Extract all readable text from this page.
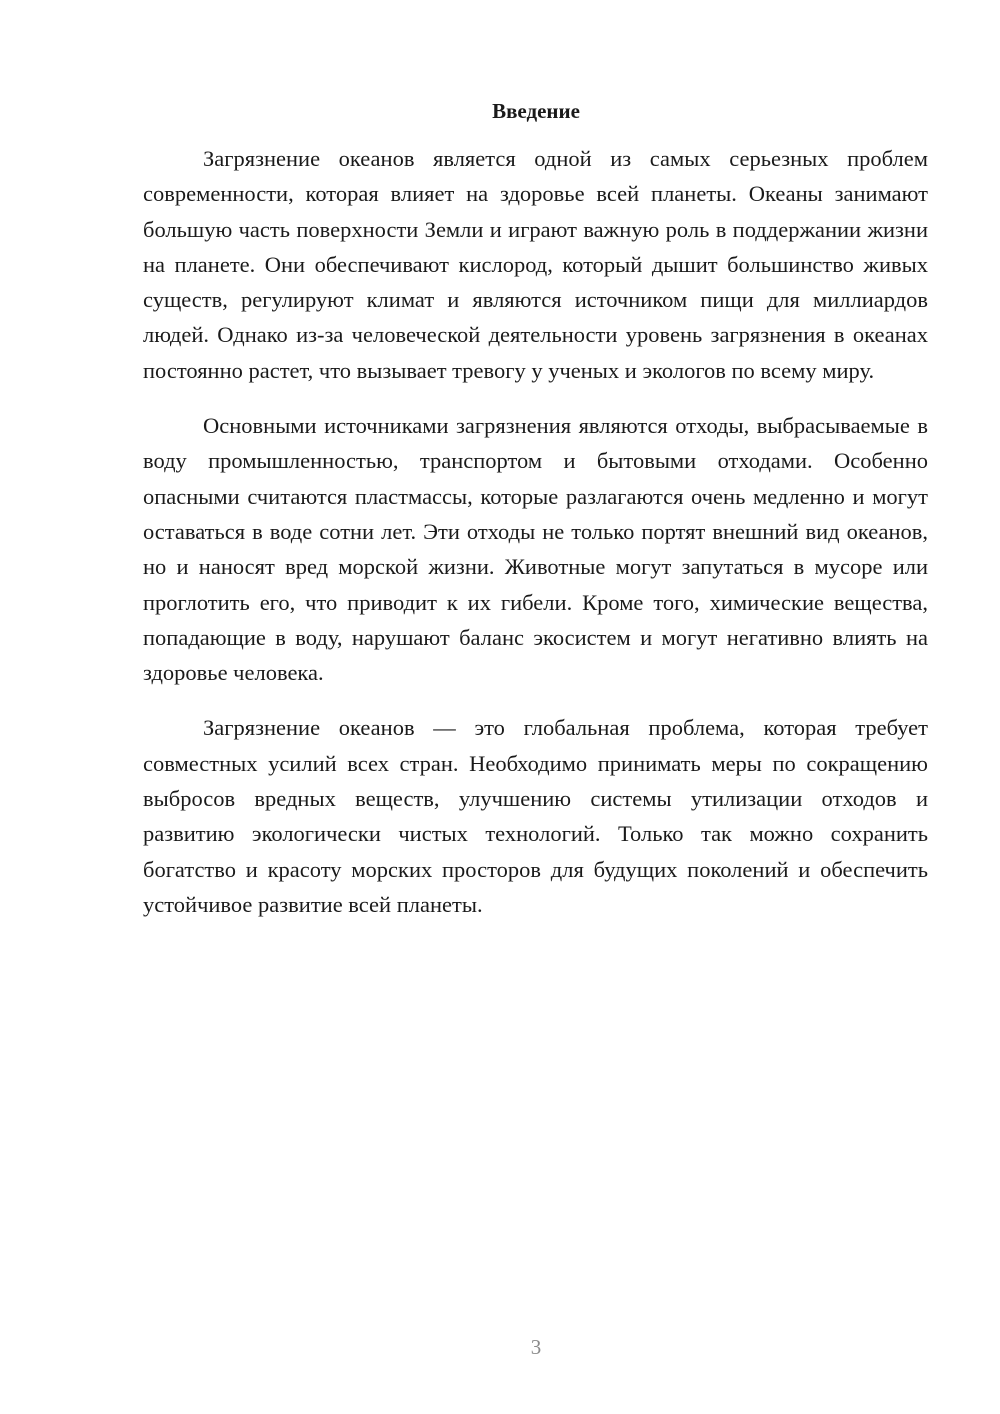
Введение

Загрязнение океанов является одной из самых серьезных проблем современности, которая влияет на здоровье всей планеты. Океаны занимают большую часть поверхности Земли и играют важную роль в поддержании жизни на планете. Они обеспечивают кислород, который дышит большинство живых существ, регулируют климат и являются источником пищи для миллиардов людей. Однако из-за человеческой деятельности уровень загрязнения в океанах постоянно растет, что вызывает тревогу у ученых и экологов по всему миру.

Основными источниками загрязнения являются отходы, выбрасываемые в воду промышленностью, транспортом и бытовыми отходами. Особенно опасными считаются пластмассы, которые разлагаются очень медленно и могут оставаться в воде сотни лет. Эти отходы не только портят внешний вид океанов, но и наносят вред морской жизни. Животные могут запутаться в мусоре или проглотить его, что приводит к их гибели. Кроме того, химические вещества, попадающие в воду, нарушают баланс экосистем и могут негативно влиять на здоровье человека.

Загрязнение океанов — это глобальная проблема, которая требует совместных усилий всех стран. Необходимо принимать меры по сокращению выбросов вредных веществ, улучшению системы утилизации отходов и развитию экологически чистых технологий. Только так можно сохранить богатство и красоту морских просторов для будущих поколений и обеспечить устойчивое развитие всей планеты.

3
